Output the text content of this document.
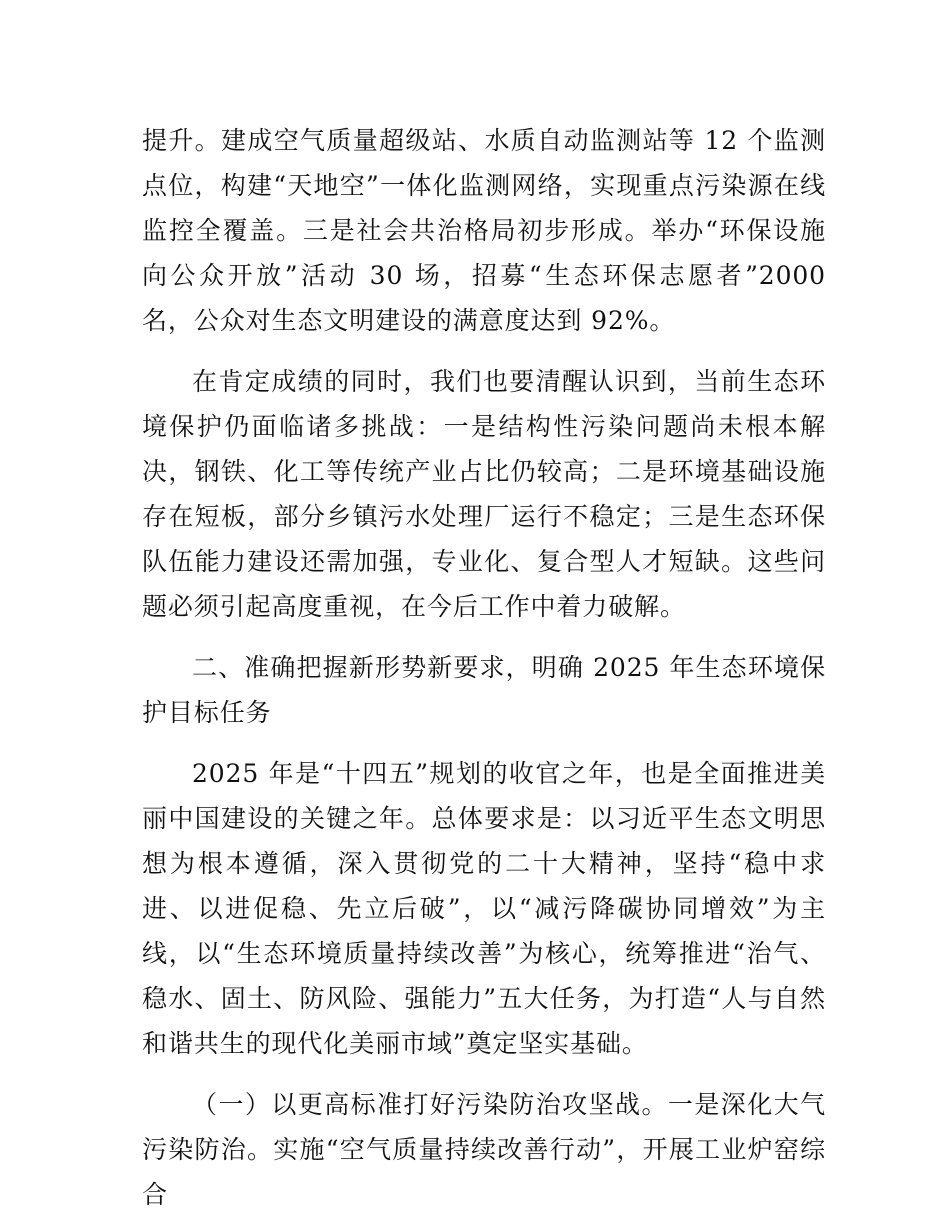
提升。建成空气质量超级站、水质自动监测站等 12 个监测点位，构建“天地空”一体化监测网络，实现重点污染源在线监控全覆盖。三是社会共治格局初步形成。举办“环保设施向公众开放”活动 30 场，招募“生态环保志愿者”2000 名，公众对生态文明建设的满意度达到 92%。

在肯定成绩的同时，我们也要清醒认识到，当前生态环境保护仍面临诸多挑战：一是结构性污染问题尚未根本解决，钢铁、化工等传统产业占比仍较高；二是环境基础设施存在短板，部分乡镇污水处理厂运行不稳定；三是生态环保队伍能力建设还需加强，专业化、复合型人才短缺。这些问题必须引起高度重视，在今后工作中着力破解。

二、准确把握新形势新要求，明确 2025 年生态环境保护目标任务

2025 年是“十四五”规划的收官之年，也是全面推进美丽中国建设的关键之年。总体要求是：以习近平生态文明思想为根本遵循，深入贯彻党的二十大精神，坚持“稳中求进、以进促稳、先立后破”，以“减污降碳协同增效”为主线，以“生态环境质量持续改善”为核心，统筹推进“治气、稳水、固土、防风险、强能力”五大任务，为打造“人与自然和谐共生的现代化美丽市域”奠定坚实基础。

（一）以更高标准打好污染防治攻坚战。一是深化大气污染防治。实施“空气质量持续改善行动”，开展工业炉窑综合
